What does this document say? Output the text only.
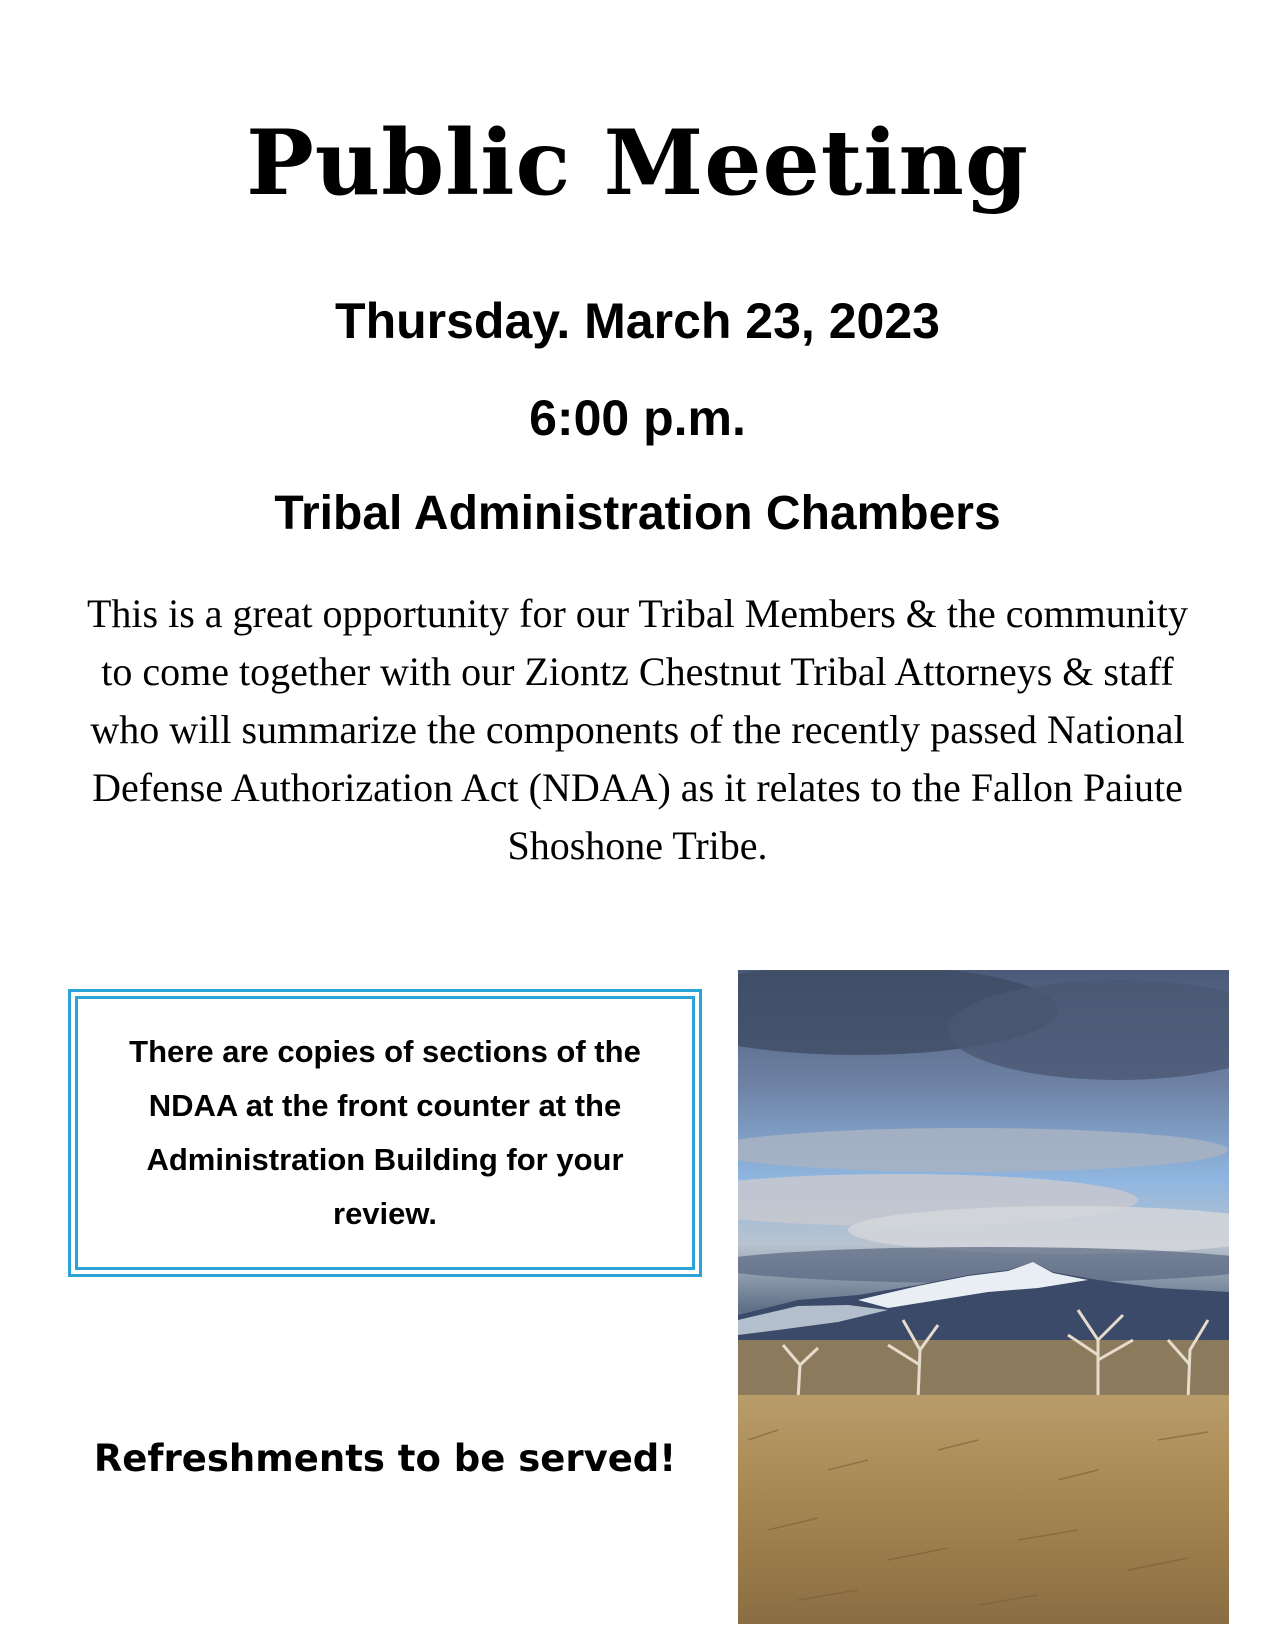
Public Meeting

Thursday. March 23, 2023

6:00 p.m.

Tribal Administration Chambers

This is a great opportunity for our Tribal Members & the community to come together with our Ziontz Chestnut Tribal Attorneys & staff who will summarize the components of the recently passed National Defense Authorization Act (NDAA) as it relates to the Fallon Paiute Shoshone Tribe.

There are copies of sections of the NDAA at the front counter at the Administration Building for your review.

Refreshments to be served!
